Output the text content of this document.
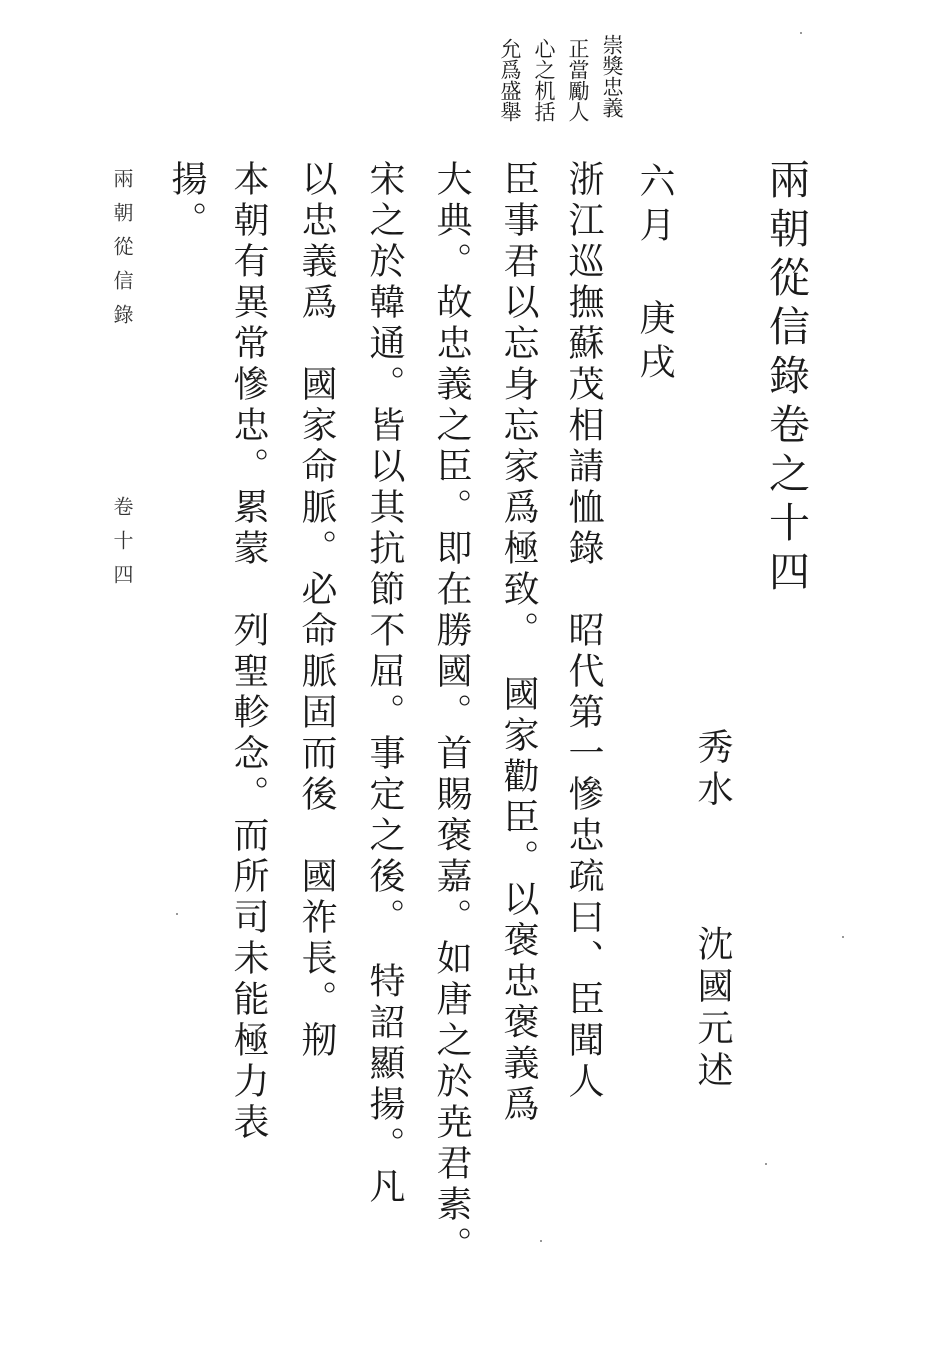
兩朝從信錄卷之十四
秀水
沈國元述
六月 庚戌
崇獎忠義
正當勵人
心之机括
允爲盛舉
浙江巡撫蘇茂相請恤錄　昭代第一慘忠疏曰、臣聞人
臣事君以忘身忘家爲極致。　國家勸臣。以褒忠褒義爲
大典。故忠義之臣。即在勝國。首賜褒嘉。如唐之於尭君素。
宋之於韓通。皆以其抗節不屈。事定之後。　特詔顯揚。凡
以忠義爲　國家命脈。必命脈固而後　國祚長。剏
本朝有異常慘忠。累蒙　列聖軫念。而所司未能極力表
揚。
兩朝從信錄
卷十四
